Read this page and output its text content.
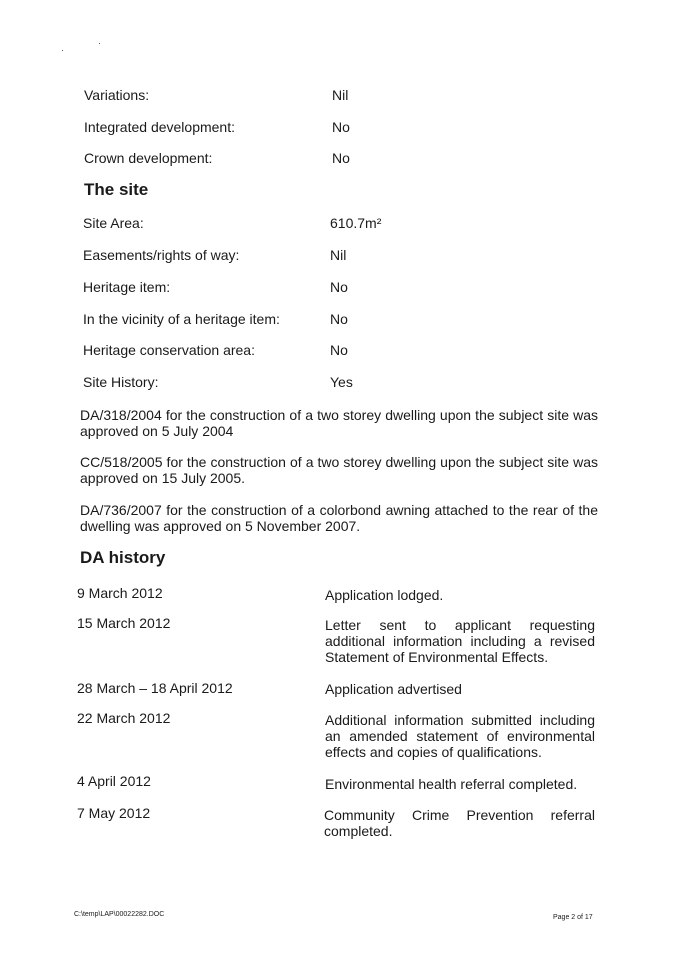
Variations:	Nil
Integrated development:	No
Crown development:	No
The site
Site Area:	610.7m²
Easements/rights of way:	Nil
Heritage item:	No
In the vicinity of a heritage item:	No
Heritage conservation area:	No
Site History:	Yes

DA/318/2004 for the construction of a two storey dwelling upon the subject site was approved on 5 July 2004

CC/518/2005 for the construction of a two storey dwelling upon the subject site was approved on 15 July 2005.

DA/736/2007 for the construction of a colorbond awning attached to the rear of the dwelling was approved on 5 November 2007.

DA history
9 March 2012	Application lodged.
15 March 2012	Letter sent to applicant requesting additional information including a revised Statement of Environmental Effects.
28 March – 18 April 2012	Application advertised
22 March 2012	Additional information submitted including an amended statement of environmental effects and copies of qualifications.
4 April 2012	Environmental health referral completed.
7 May 2012	Community Crime Prevention referral completed.
C:\temp\LAP\00022282.DOC	Page 2 of 17
